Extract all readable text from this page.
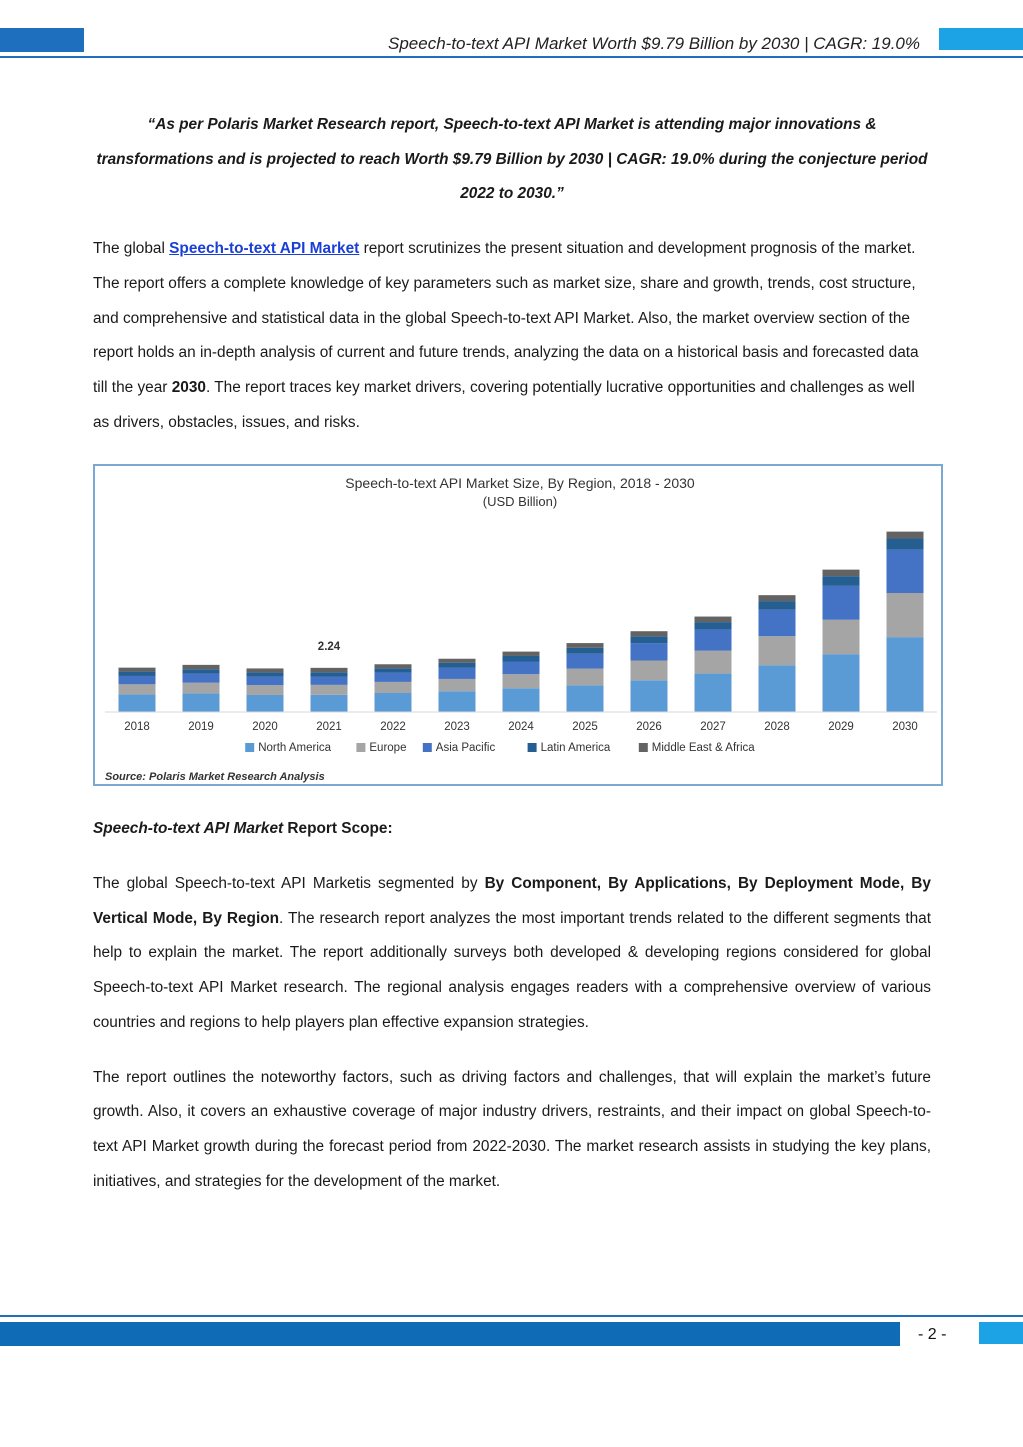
Speech-to-text API Market Worth $9.79 Billion by 2030 | CAGR: 19.0%

“As per Polaris Market Research report, Speech-to-text API Market is attending major innovations & transformations and is projected to reach Worth $9.79 Billion by 2030 | CAGR: 19.0% during the conjecture period 2022 to 2030.”

The global Speech-to-text API Market report scrutinizes the present situation and development prognosis of the market. The report offers a complete knowledge of key parameters such as market size, share and growth, trends, cost structure, and comprehensive and statistical data in the global Speech-to-text API Market. Also, the market overview section of the report holds an in-depth analysis of current and future trends, analyzing the data on a historical basis and forecasted data till the year 2030. The report traces key market drivers, covering potentially lucrative opportunities and challenges as well as drivers, obstacles, issues, and risks.

Speech-to-text API Market Size, By Region, 2018 - 2030
(USD Billion)
2018	2019	2020	2021	2022	2023	2024	2025	2026	2027	2028	2029	2030
2.24
North America	Europe	Asia Pacific	Latin America	Middle East & Africa
Source: Polaris Market Research Analysis

Speech-to-text API Market Report Scope:

The global Speech-to-text API Marketis segmented by By Component, By Applications, By Deployment Mode, By Vertical Mode, By Region. The research report analyzes the most important trends related to the different segments that help to explain the market. The report additionally surveys both developed & developing regions considered for global Speech-to-text API Market research. The regional analysis engages readers with a comprehensive overview of various countries and regions to help players plan effective expansion strategies.

The report outlines the noteworthy factors, such as driving factors and challenges, that will explain the market’s future growth. Also, it covers an exhaustive coverage of major industry drivers, restraints, and their impact on global Speech-to-text API Market growth during the forecast period from 2022-2030. The market research assists in studying the key plans, initiatives, and strategies for the development of the market.

- 2 -
